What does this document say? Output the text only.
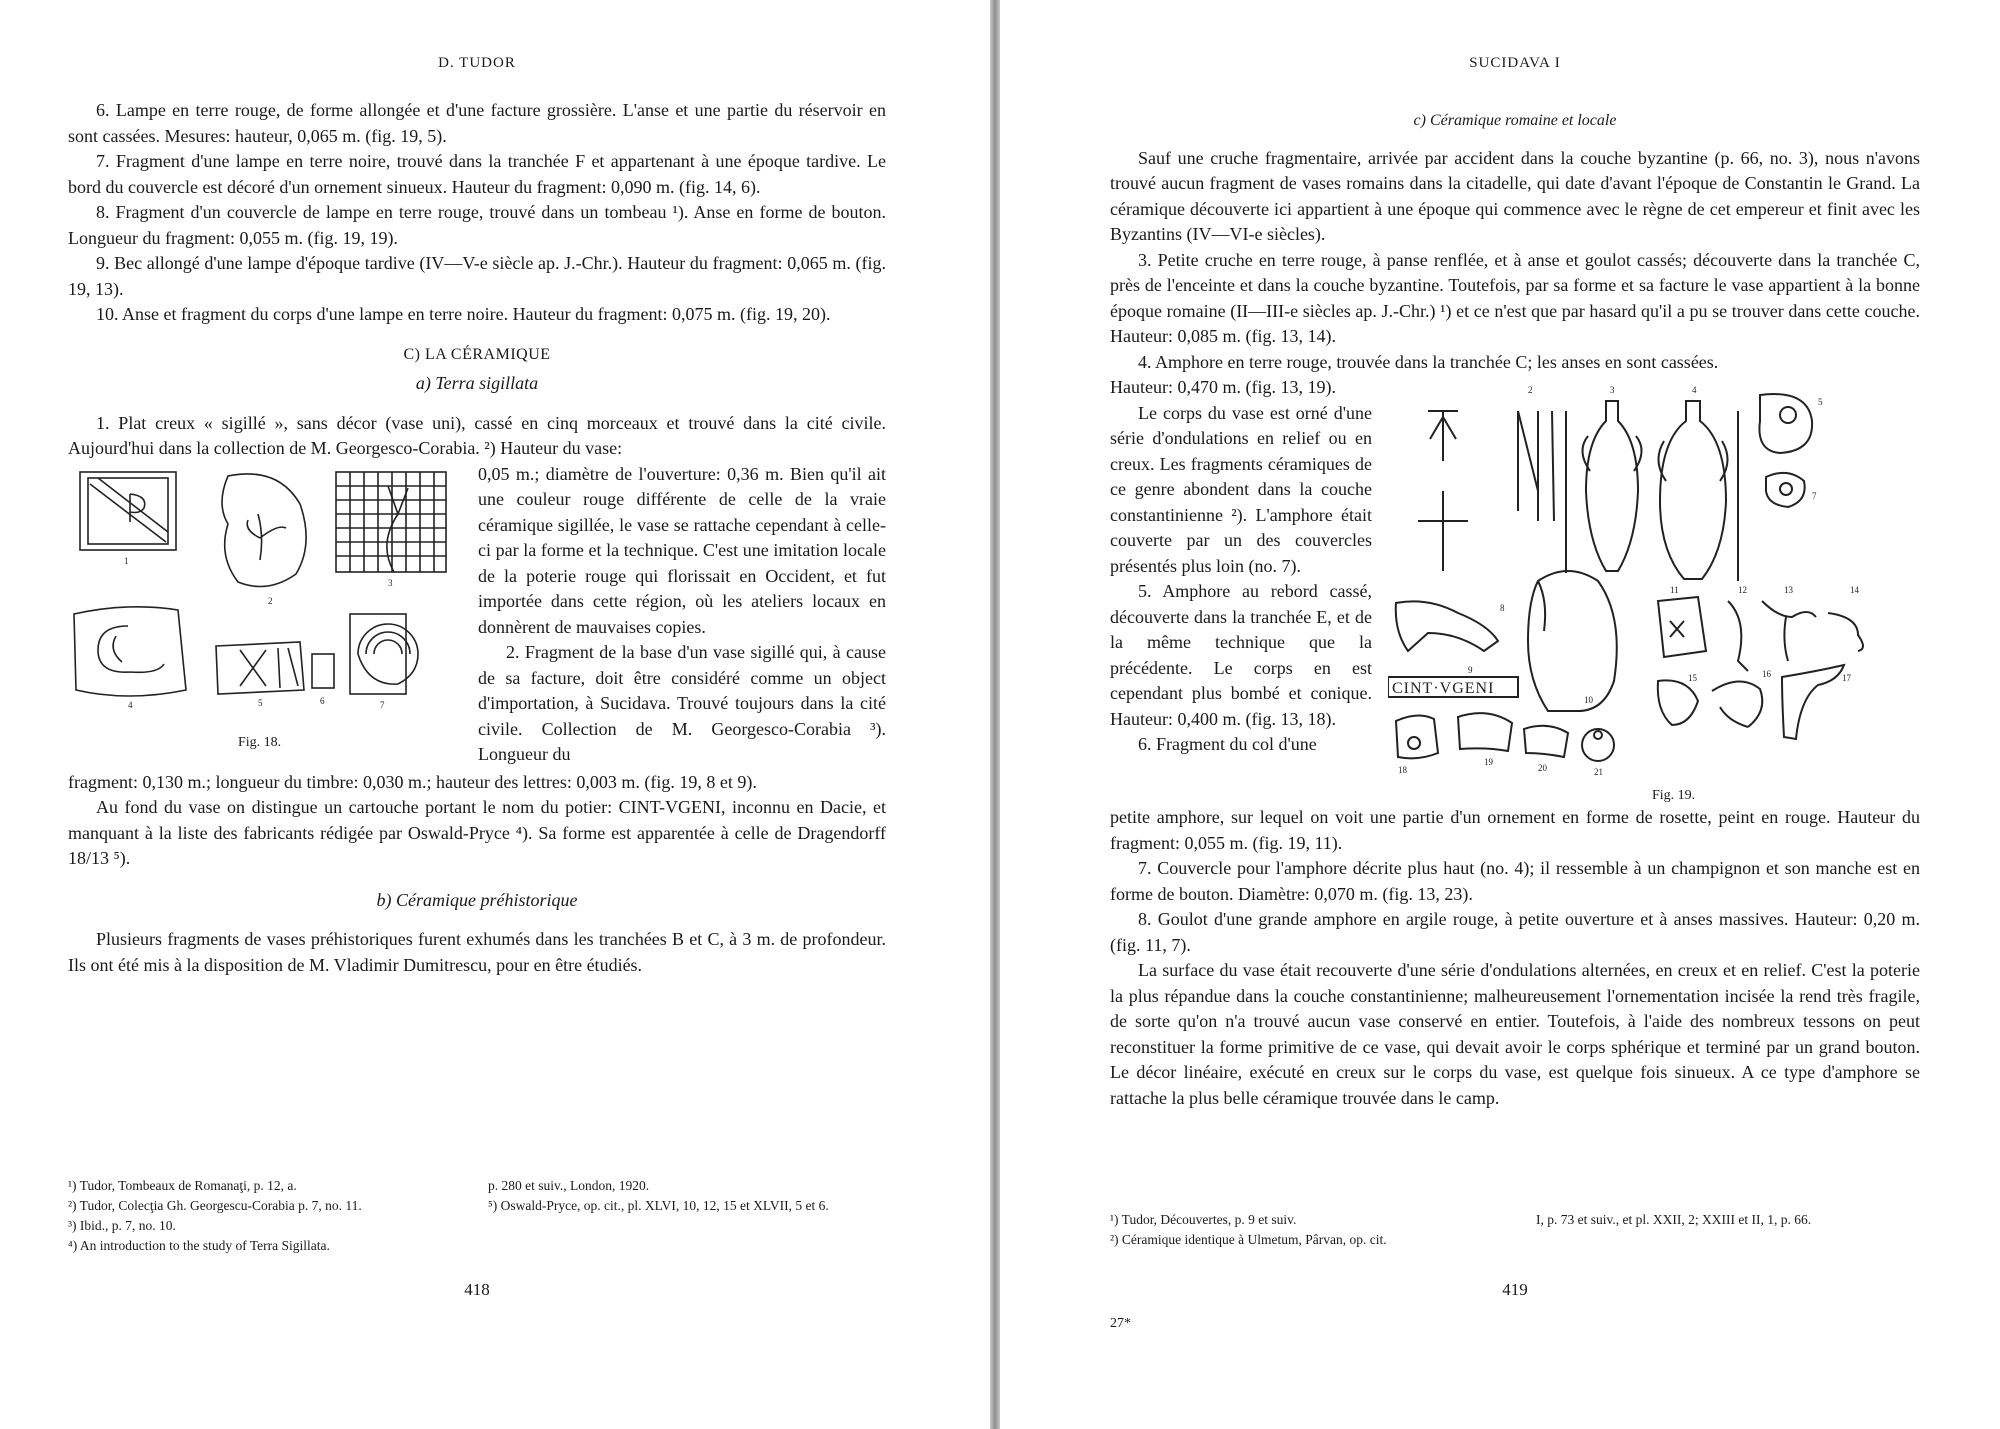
D. TUDOR

6. Lampe en terre rouge, de forme allongée et d'une facture grossière. L'anse et une partie du réservoir en sont cassées. Mesures: hauteur, 0,065 m. (fig. 19, 5).

7. Fragment d'une lampe en terre noire, trouvé dans la tranchée F et appartenant à une époque tardive. Le bord du couvercle est décoré d'un ornement sinueux. Hauteur du fragment: 0,090 m. (fig. 14, 6).

8. Fragment d'un couvercle de lampe en terre rouge, trouvé dans un tombeau ¹). Anse en forme de bouton. Longueur du fragment: 0,055 m. (fig. 19, 19).

9. Bec allongé d'une lampe d'époque tardive (IV—V-e siècle ap. J.-Chr.). Hauteur du fragment: 0,065 m. (fig. 19, 13).

10. Anse et fragment du corps d'une lampe en terre noire. Hauteur du fragment: 0,075 m. (fig. 19, 20).

C) LA CÉRAMIQUE
a) Terra sigillata

1. Plat creux « sigillé », sans décor (vase uni), cassé en cinq morceaux et trouvé dans la cité civile. Aujourd'hui dans la collection de M. Georgesco-Corabia. ²) Hauteur du vase:

1
2
3
4	5	6	7
Fig. 18.

0,05 m.; diamètre de l'ouverture: 0,36 m. Bien qu'il ait une couleur rouge différente de celle de la vraie céramique sigillée, le vase se rattache cependant à celle-ci par la forme et la technique. C'est une imitation locale de la poterie rouge qui florissait en Occident, et fut importée dans cette région, où les ateliers locaux en donnèrent de mauvaises copies.

2. Fragment de la base d'un vase sigillé qui, à cause de sa facture, doit être considéré comme un object d'importation, à Sucidava. Trouvé toujours dans la cité civile. Collection de M. Georgesco-Corabia ³). Longueur du

fragment: 0,130 m.; longueur du timbre: 0,030 m.; hauteur des lettres: 0,003 m. (fig. 19, 8 et 9).

Au fond du vase on distingue un cartouche portant le nom du potier: CINT-VGENI, inconnu en Dacie, et manquant à la liste des fabricants rédigée par Oswald-Pryce ⁴). Sa forme est apparentée à celle de Dragendorff 18/13 ⁵).

b) Céramique préhistorique

Plusieurs fragments de vases préhistoriques furent exhumés dans les tranchées B et C, à 3 m. de profondeur. Ils ont été mis à la disposition de M. Vladimir Dumitrescu, pour en être étudiés.

¹) Tudor, Tombeaux de Romanaţi, p. 12, a.
²) Tudor, Colecţia Gh. Georgescu-Corabia p. 7, no. 11.
³) Ibid., p. 7, no. 10.
⁴) An introduction to the study of Terra Sigillata.
p. 280 et suiv., London, 1920.
⁵) Oswald-Pryce, op. cit., pl. XLVI, 10, 12, 15 et XLVII, 5 et 6.
418
SUCIDAVA I
c) Céramique romaine et locale

Sauf une cruche fragmentaire, arrivée par accident dans la couche byzantine (p. 66, no. 3), nous n'avons trouvé aucun fragment de vases romains dans la citadelle, qui date d'avant l'époque de Constantin le Grand. La céramique découverte ici appartient à une époque qui commence avec le règne de cet empereur et finit avec les Byzantins (IV—VI-e siècles).

3. Petite cruche en terre rouge, à panse renflée, et à anse et goulot cassés; découverte dans la tranchée C, près de l'enceinte et dans la couche byzantine. Toutefois, par sa forme et sa facture le vase appartient à la bonne époque romaine (II—III-e siècles ap. J.-Chr.) ¹) et ce n'est que par hasard qu'il a pu se trouver dans cette couche. Hauteur: 0,085 m. (fig. 13, 14).

4. Amphore en terre rouge, trouvée dans la tranchée C; les anses en sont cassées.

Hauteur: 0,470 m. (fig. 13, 19).

Le corps du vase est orné d'une série d'ondulations en relief ou en creux. Les fragments céramiques de ce genre abondent dans la couche constantinienne ²). L'amphore était couverte par un des couvercles présentés plus loin (no. 7).

5. Amphore au rebord cassé, découverte dans la tranchée E, et de la même technique que la précédente. Le corps en est cependant plus bombé et conique. Hauteur: 0,400 m. (fig. 13, 18).

6. Fragment du col d'une

CINT·VGENI
2	3	4
5
7
8
9
10
11	12	13	14
15	16	17
18
19
20	21
Fig. 19.

petite amphore, sur lequel on voit une partie d'un ornement en forme de rosette, peint en rouge. Hauteur du fragment: 0,055 m. (fig. 19, 11).

7. Couvercle pour l'amphore décrite plus haut (no. 4); il ressemble à un champignon et son manche est en forme de bouton. Diamètre: 0,070 m. (fig. 13, 23).

8. Goulot d'une grande amphore en argile rouge, à petite ouverture et à anses massives. Hauteur: 0,20 m. (fig. 11, 7).

La surface du vase était recouverte d'une série d'ondulations alternées, en creux et en relief. C'est la poterie la plus répandue dans la couche constantinienne; malheureusement l'ornementation incisée la rend très fragile, de sorte qu'on n'a trouvé aucun vase conservé en entier. Toutefois, à l'aide des nombreux tessons on peut reconstituer la forme primitive de ce vase, qui devait avoir le corps sphérique et terminé par un grand bouton. Le décor linéaire, exécuté en creux sur le corps du vase, est quelque fois sinueux. A ce type d'amphore se rattache la plus belle céramique trouvée dans le camp.

¹) Tudor, Découvertes, p. 9 et suiv.
²) Céramique identique à Ulmetum, Pârvan, op. cit.
I, p. 73 et suiv., et pl. XXII, 2; XXIII et II, 1, p. 66.
419
27*
